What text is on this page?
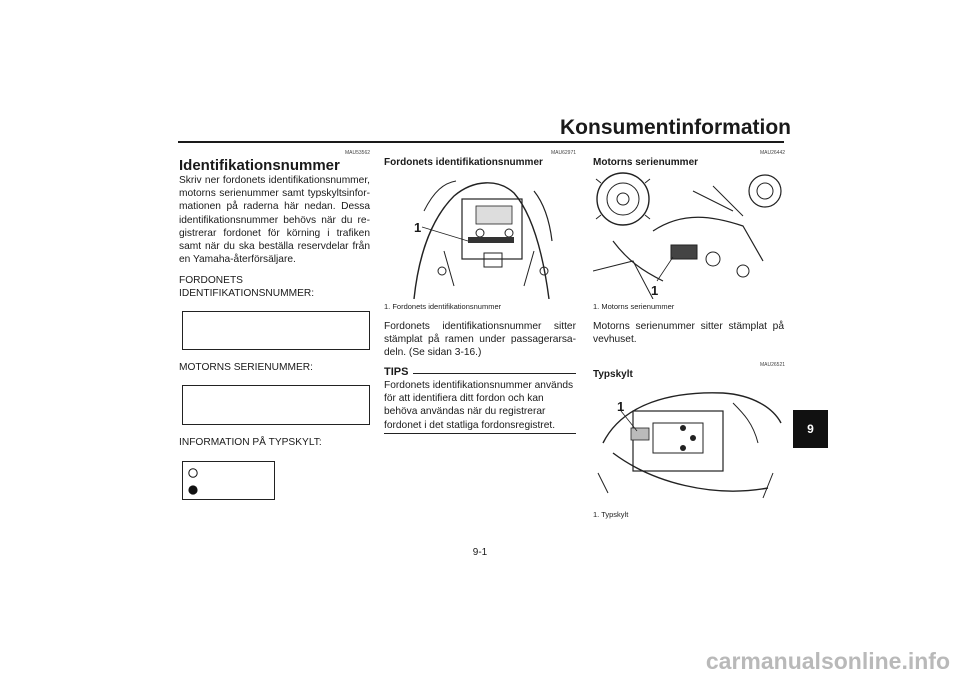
Konsumentinformation
MAU53562
Identifikationsnummer
Skriv ner fordonets identifikationsnummer, motorns serienummer samt typskyltsinfor- mationen på raderna här nedan. Dessa identifikationsnummer behövs när du re- gistrerar fordonet för körning i trafiken samt när du ska beställa reservdelar från en Yamaha-återförsäljare.
FORDONETS
IDENTIFIKATIONSNUMMER:
MOTORNS SERIENUMMER:
INFORMATION PÅ TYPSKYLT:
MAU62971
Fordonets identifikationsnummer
1
1. Fordonets identifikationsnummer
Fordonets identifikationsnummer sitter stämplat på ramen under passagerarsa- deln. (Se sidan 3-16.)
TIPS
Fordonets identifikationsnummer används för att identifiera ditt fordon och kan behöva användas när du registrerar fordonet i det statliga fordonsregistret.
MAU26442
Motorns serienummer
1
1. Motorns serienummer
Motorns serienummer sitter stämplat på vevhuset.
MAU26521
Typskylt
1
1. Typskylt
9
9-1
carmanualsonline.info
